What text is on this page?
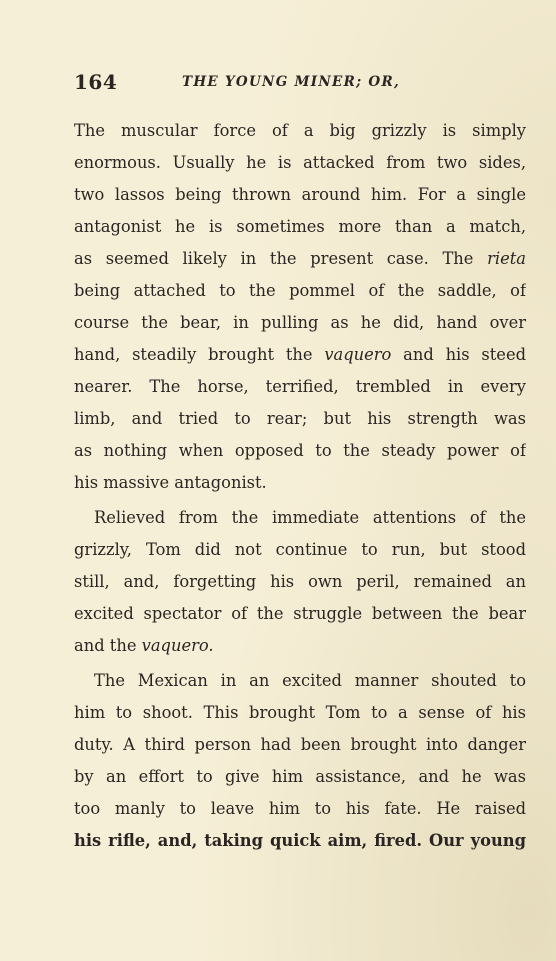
164	THE YOUNG MINER; OR,
The muscular force of a big grizzly is simply
enormous. Usually he is attacked from two sides,
two lassos being thrown around him. For a single
antagonist he is sometimes more than a match,
as seemed likely in the present case. The rieta
being attached to the pommel of the saddle, of
course the bear, in pulling as he did, hand over
hand, steadily brought the vaquero and his steed
nearer. The horse, terrified, trembled in every
limb, and tried to rear; but his strength was
as nothing when opposed to the steady power of
his massive antagonist.
Relieved from the immediate attentions of the
grizzly, Tom did not continue to run, but stood
still, and, forgetting his own peril, remained an
excited spectator of the struggle between the bear
and the vaquero.
The Mexican in an excited manner shouted to
him to shoot. This brought Tom to a sense of his
duty. A third person had been brought into danger
by an effort to give him assistance, and he was
too manly to leave him to his fate. He raised
his rifle, and, taking quick aim, fired. Our young
